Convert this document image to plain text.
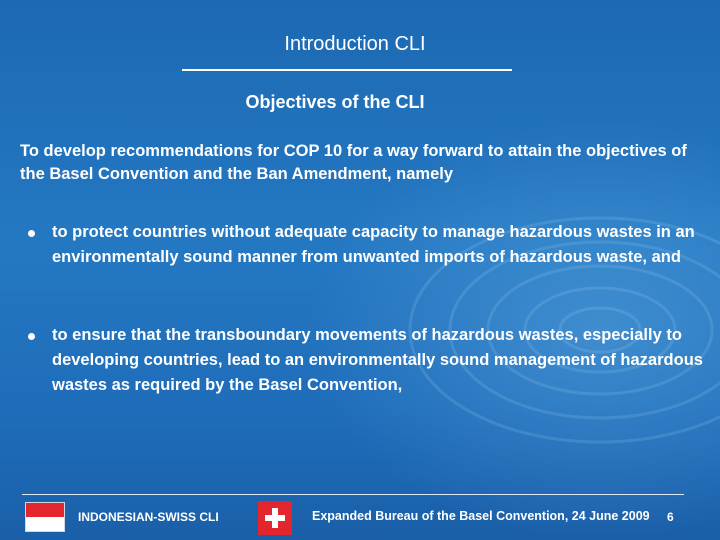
Introduction CLI
Objectives of the CLI
To develop recommendations for COP 10 for a way forward to attain the objectives of the Basel Convention and the Ban Amendment, namely
to protect countries without adequate capacity to manage hazardous wastes in an environmentally sound manner from unwanted imports of hazardous waste, and
to ensure that the transboundary movements of hazardous wastes, especially to developing countries, lead to an environmentally sound management of hazardous wastes as required by the Basel Convention,
INDONESIAN-SWISS CLI	Expanded Bureau of the Basel Convention, 24 June 2009 6
